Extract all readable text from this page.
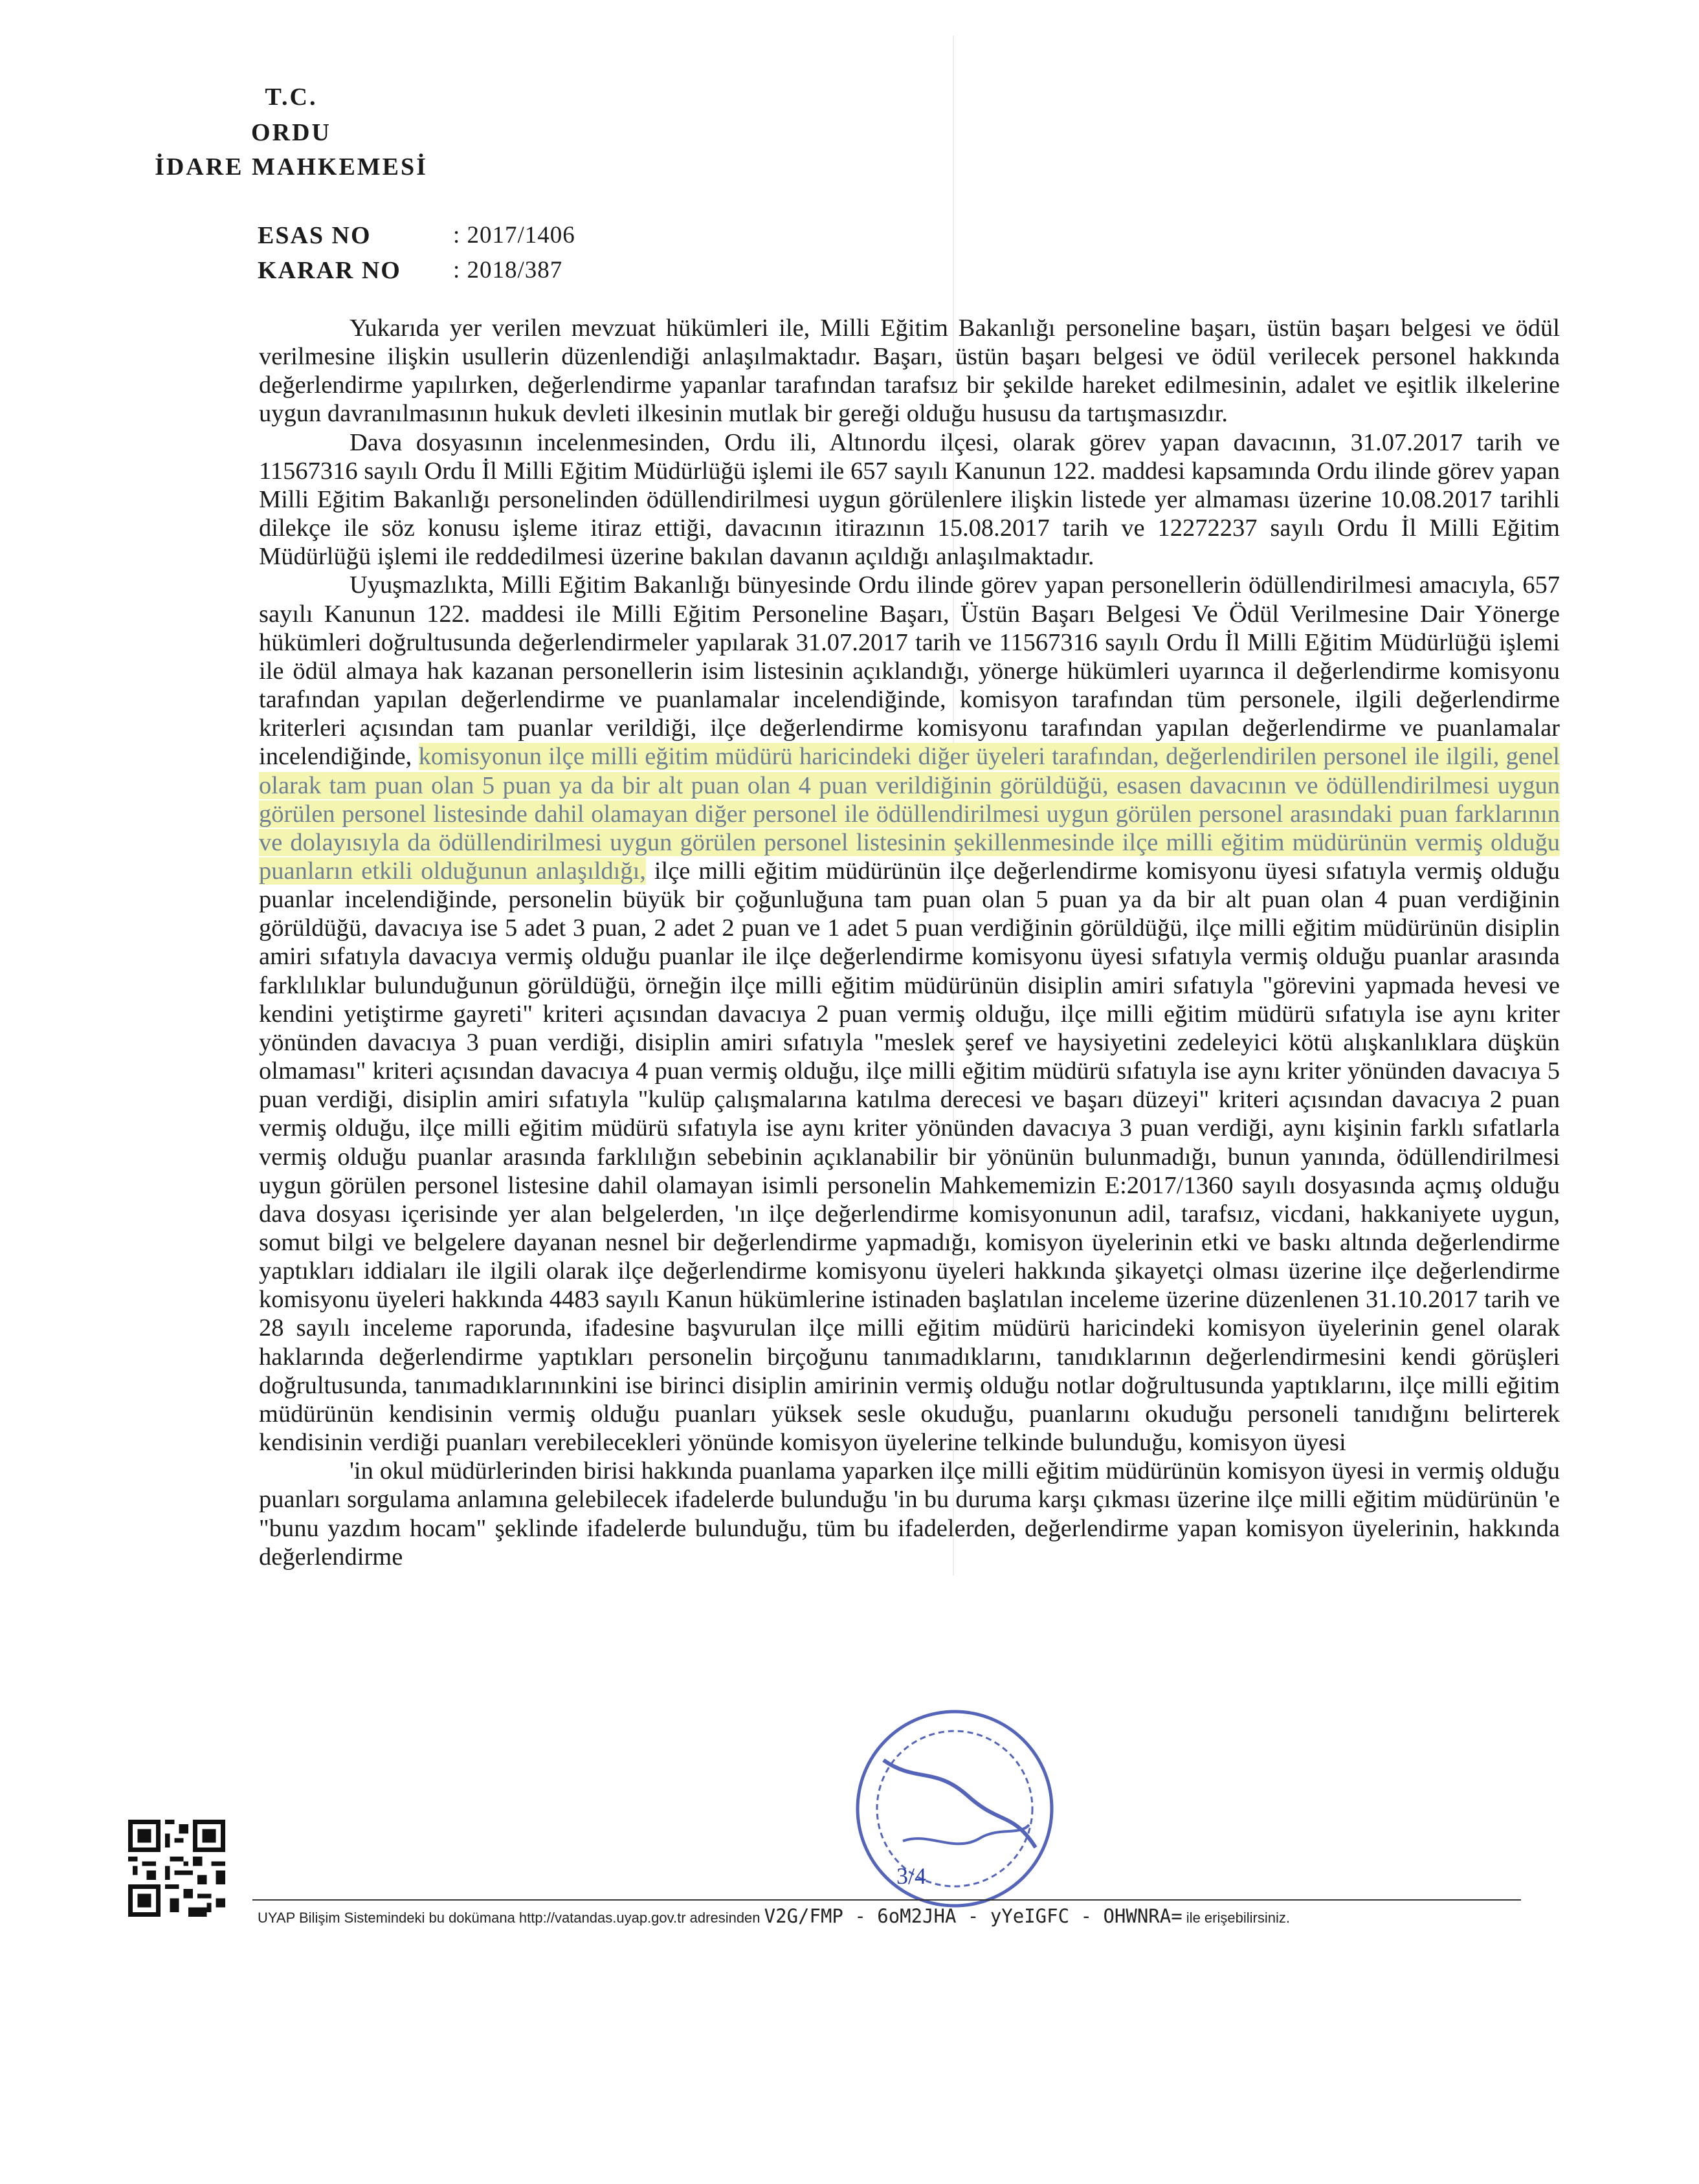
T.C.
ORDU
İDARE MAHKEMESİ
ESAS NO	: 2017/1406
KARAR NO : 2018/387

Yukarıda yer verilen mevzuat hükümleri ile, Milli Eğitim Bakanlığı personeline başarı, üstün başarı belgesi ve ödül verilmesine ilişkin usullerin düzenlendiği anlaşılmaktadır. Başarı, üstün başarı belgesi ve ödül verilecek personel hakkında değerlendirme yapılırken, değerlendirme yapanlar tarafından tarafsız bir şekilde hareket edilmesinin, adalet ve eşitlik ilkelerine uygun davranılmasının hukuk devleti ilkesinin mutlak bir gereği olduğu hususu da tartışmasızdır.

Dava dosyasının incelenmesinden, Ordu ili, Altınordu ilçesi, olarak görev yapan davacının, 31.07.2017 tarih ve 11567316 sayılı Ordu İl Milli Eğitim Müdürlüğü işlemi ile 657 sayılı Kanunun 122. maddesi kapsamında Ordu ilinde görev yapan Milli Eğitim Bakanlığı personelinden ödüllendirilmesi uygun görülenlere ilişkin listede yer almaması üzerine 10.08.2017 tarihli dilekçe ile söz konusu işleme itiraz ettiği, davacının itirazının 15.08.2017 tarih ve 12272237 sayılı Ordu İl Milli Eğitim Müdürlüğü işlemi ile reddedilmesi üzerine bakılan davanın açıldığı anlaşılmaktadır.

Uyuşmazlıkta, Milli Eğitim Bakanlığı bünyesinde Ordu ilinde görev yapan personellerin ödüllendirilmesi amacıyla, 657 sayılı Kanunun 122. maddesi ile Milli Eğitim Personeline Başarı, Üstün Başarı Belgesi Ve Ödül Verilmesine Dair Yönerge hükümleri doğrultusunda değerlendirmeler yapılarak 31.07.2017 tarih ve 11567316 sayılı Ordu İl Milli Eğitim Müdürlüğü işlemi ile ödül almaya hak kazanan personellerin isim listesinin açıklandığı, yönerge hükümleri uyarınca il değerlendirme komisyonu tarafından yapılan değerlendirme ve puanlamalar incelendiğinde, komisyon tarafından tüm personele, ilgili değerlendirme kriterleri açısından tam puanlar verildiği, ilçe değerlendirme komisyonu tarafından yapılan değerlendirme ve puanlamalar incelendiğinde, komisyonun ilçe milli eğitim müdürü haricindeki diğer üyeleri tarafından, değerlendirilen personel ile ilgili, genel olarak tam puan olan 5 puan ya da bir alt puan olan 4 puan verildiğinin görüldüğü, esasen davacının ve ödüllendirilmesi uygun görülen personel listesinde dahil olamayan diğer personel ile ödüllendirilmesi uygun görülen personel arasındaki puan farklarının ve dolayısıyla da ödüllendirilmesi uygun görülen personel listesinin şekillenmesinde ilçe milli eğitim müdürünün vermiş olduğu puanların etkili olduğunun anlaşıldığı, ilçe milli eğitim müdürünün ilçe değerlendirme komisyonu üyesi sıfatıyla vermiş olduğu puanlar incelendiğinde, personelin büyük bir çoğunluğuna tam puan olan 5 puan ya da bir alt puan olan 4 puan verdiğinin görüldüğü, davacıya ise 5 adet 3 puan, 2 adet 2 puan ve 1 adet 5 puan verdiğinin görüldüğü, ilçe milli eğitim müdürünün disiplin amiri sıfatıyla davacıya vermiş olduğu puanlar ile ilçe değerlendirme komisyonu üyesi sıfatıyla vermiş olduğu puanlar arasında farklılıklar bulunduğunun görüldüğü, örneğin ilçe milli eğitim müdürünün disiplin amiri sıfatıyla "görevini yapmada hevesi ve kendini yetiştirme gayreti" kriteri açısından davacıya 2 puan vermiş olduğu, ilçe milli eğitim müdürü sıfatıyla ise aynı kriter yönünden davacıya 3 puan verdiği, disiplin amiri sıfatıyla "meslek şeref ve haysiyetini zedeleyici kötü alışkanlıklara düşkün olmaması" kriteri açısından davacıya 4 puan vermiş olduğu, ilçe milli eğitim müdürü sıfatıyla ise aynı kriter yönünden davacıya 5 puan verdiği, disiplin amiri sıfatıyla "kulüp çalışmalarına katılma derecesi ve başarı düzeyi" kriteri açısından davacıya 2 puan vermiş olduğu, ilçe milli eğitim müdürü sıfatıyla ise aynı kriter yönünden davacıya 3 puan verdiği, aynı kişinin farklı sıfatlarla vermiş olduğu puanlar arasında farklılığın sebebinin açıklanabilir bir yönünün bulunmadığı, bunun yanında, ödüllendirilmesi uygun görülen personel listesine dahil olamayan isimli personelin Mahkememizin E:2017/1360 sayılı dosyasında açmış olduğu dava dosyası içerisinde yer alan belgelerden, 'ın ilçe değerlendirme komisyonunun adil, tarafsız, vicdani, hakkaniyete uygun, somut bilgi ve belgelere dayanan nesnel bir değerlendirme yapmadığı, komisyon üyelerinin etki ve baskı altında değerlendirme yaptıkları iddiaları ile ilgili olarak ilçe değerlendirme komisyonu üyeleri hakkında şikayetçi olması üzerine ilçe değerlendirme komisyonu üyeleri hakkında 4483 sayılı Kanun hükümlerine istinaden başlatılan inceleme üzerine düzenlenen 31.10.2017 tarih ve 28 sayılı inceleme raporunda, ifadesine başvurulan ilçe milli eğitim müdürü haricindeki komisyon üyelerinin genel olarak haklarında değerlendirme yaptıkları personelin birçoğunu tanımadıklarını, tanıdıklarının değerlendirmesini kendi görüşleri doğrultusunda, tanımadıklarınınkini ise birinci disiplin amirinin vermiş olduğu notlar doğrultusunda yaptıklarını, ilçe milli eğitim müdürünün kendisinin vermiş olduğu puanları yüksek sesle okuduğu, puanlarını okuduğu personeli tanıdığını belirterek kendisinin verdiği puanları verebilecekleri yönünde komisyon üyelerine telkinde bulunduğu, komisyon üyesi

'in okul müdürlerinden birisi hakkında puanlama yaparken ilçe milli eğitim müdürünün komisyon üyesi in vermiş olduğu puanları sorgulama anlamına gelebilecek ifadelerde bulunduğu 'in bu duruma karşı çıkması üzerine ilçe milli eğitim müdürünün 'e "bunu yazdım hocam" şeklinde ifadelerde bulunduğu, tüm bu ifadelerden, değerlendirme yapan komisyon üyelerinin, hakkında değerlendirme

3/4
UYAP Bilişim Sistemindeki bu dokümana http://vatandas.uyap.gov.tr adresinden V2G/FMP - 6oM2JHA - yYeIGFC - OHWNRA= ile erişebilirsiniz.
